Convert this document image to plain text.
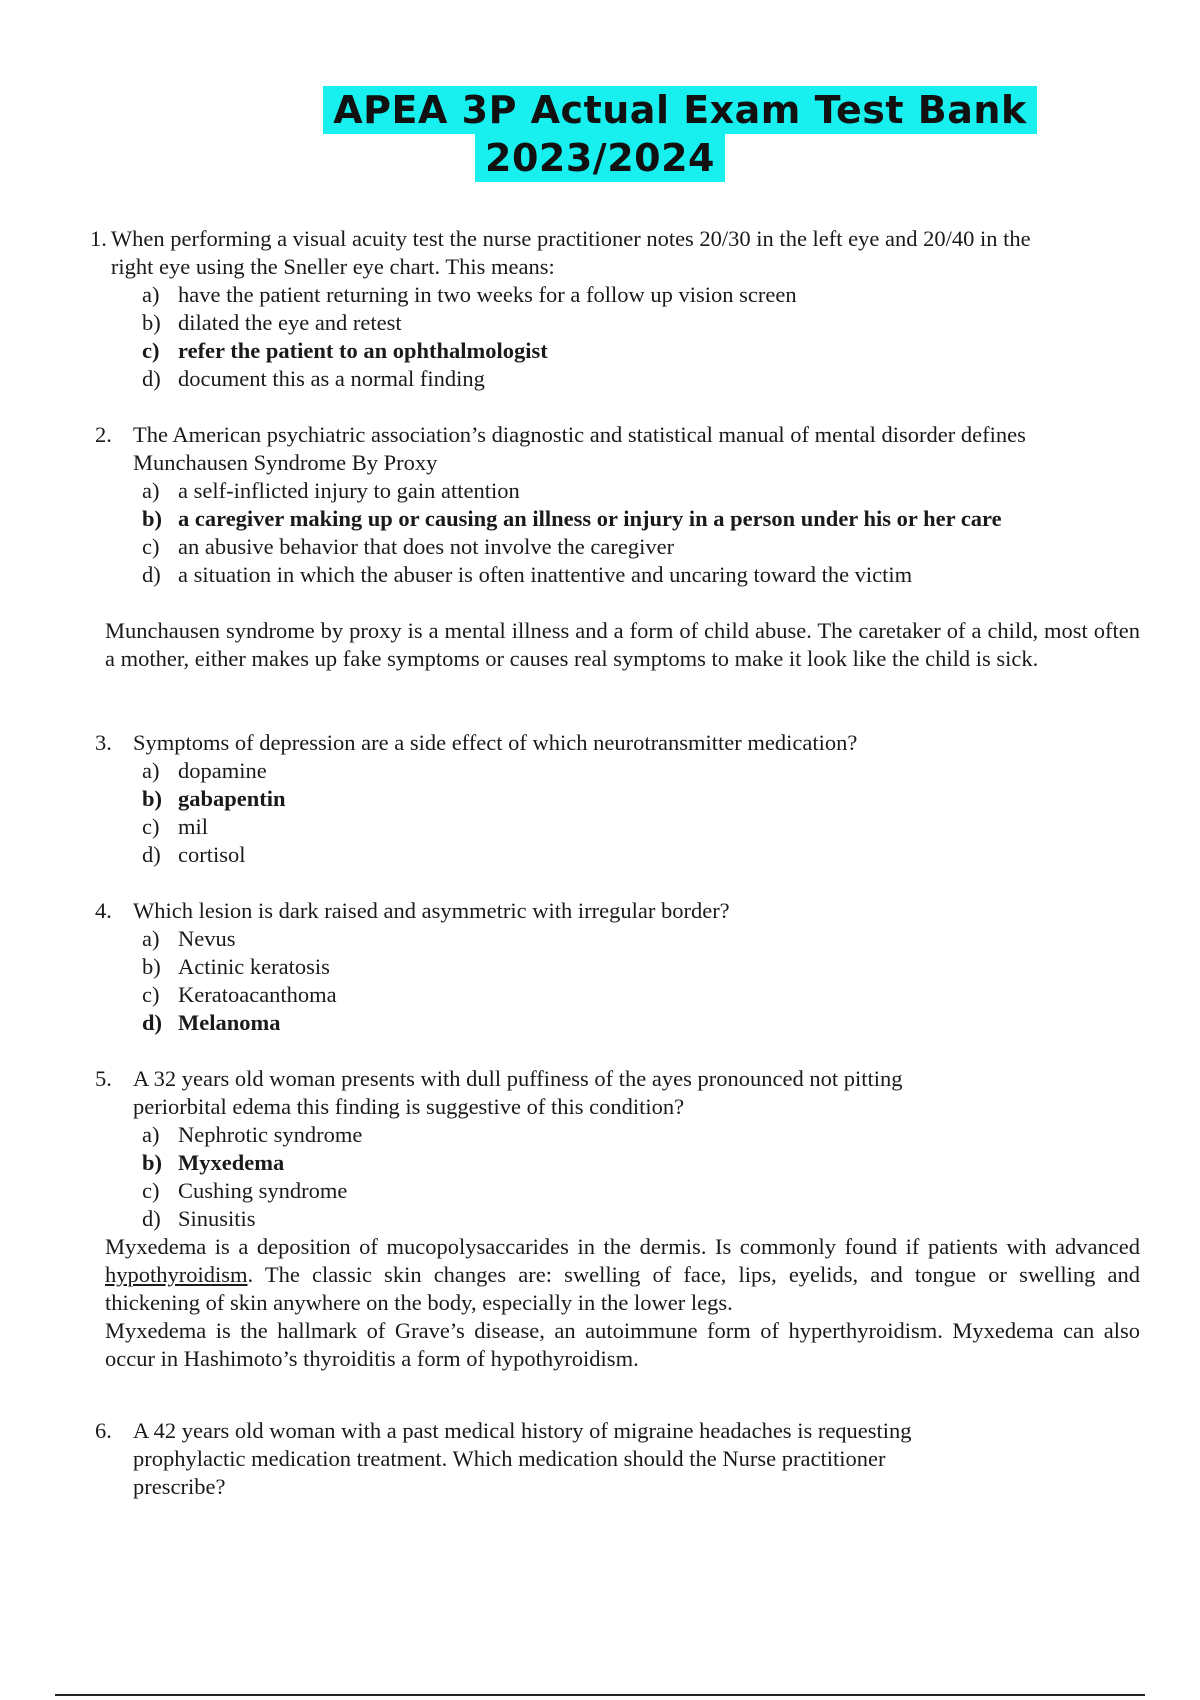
APEA 3P Actual Exam Test Bank
2023/2024
1. When performing a visual acuity test the nurse practitioner notes 20/30 in the left eye and 20/40 in the right eye using the Sneller eye chart. This means:
a) have the patient returning in two weeks for a follow up vision screen
b) dilated the eye and retest
c) refer the patient to an ophthalmologist
d) document this as a normal finding
2. The American psychiatric association’s diagnostic and statistical manual of mental disorder defines Munchausen Syndrome By Proxy
a) a self-inflicted injury to gain attention
b) a caregiver making up or causing an illness or injury in a person under his or her care
c) an abusive behavior that does not involve the caregiver
d) a situation in which the abuser is often inattentive and uncaring toward the victim

Munchausen syndrome by proxy is a mental illness and a form of child abuse. The caretaker of a child, most often a mother, either makes up fake symptoms or causes real symptoms to make it look like the child is sick.

3. Symptoms of depression are a side effect of which neurotransmitter medication?
a) dopamine
b) gabapentin
c) mil
d) cortisol
4. Which lesion is dark raised and asymmetric with irregular border?
a) Nevus
b) Actinic keratosis
c) Keratoacanthoma
d) Melanoma
5. A 32 years old woman presents with dull puffiness of the ayes pronounced not pitting periorbital edema this finding is suggestive of this condition?
a) Nephrotic syndrome
b) Myxedema
c) Cushing syndrome
d) Sinusitis

Myxedema is a deposition of mucopolysaccarides in the dermis. Is commonly found if patients with advanced hypothyroidism. The classic skin changes are: swelling of face, lips, eyelids, and tongue or swelling and thickening of skin anywhere on the body, especially in the lower legs.

Myxedema is the hallmark of Grave’s disease, an autoimmune form of hyperthyroidism. Myxedema can also occur in Hashimoto’s thyroiditis a form of hypothyroidism.

6. A 42 years old woman with a past medical history of migraine headaches is requesting prophylactic medication treatment. Which medication should the Nurse practitioner prescribe?
